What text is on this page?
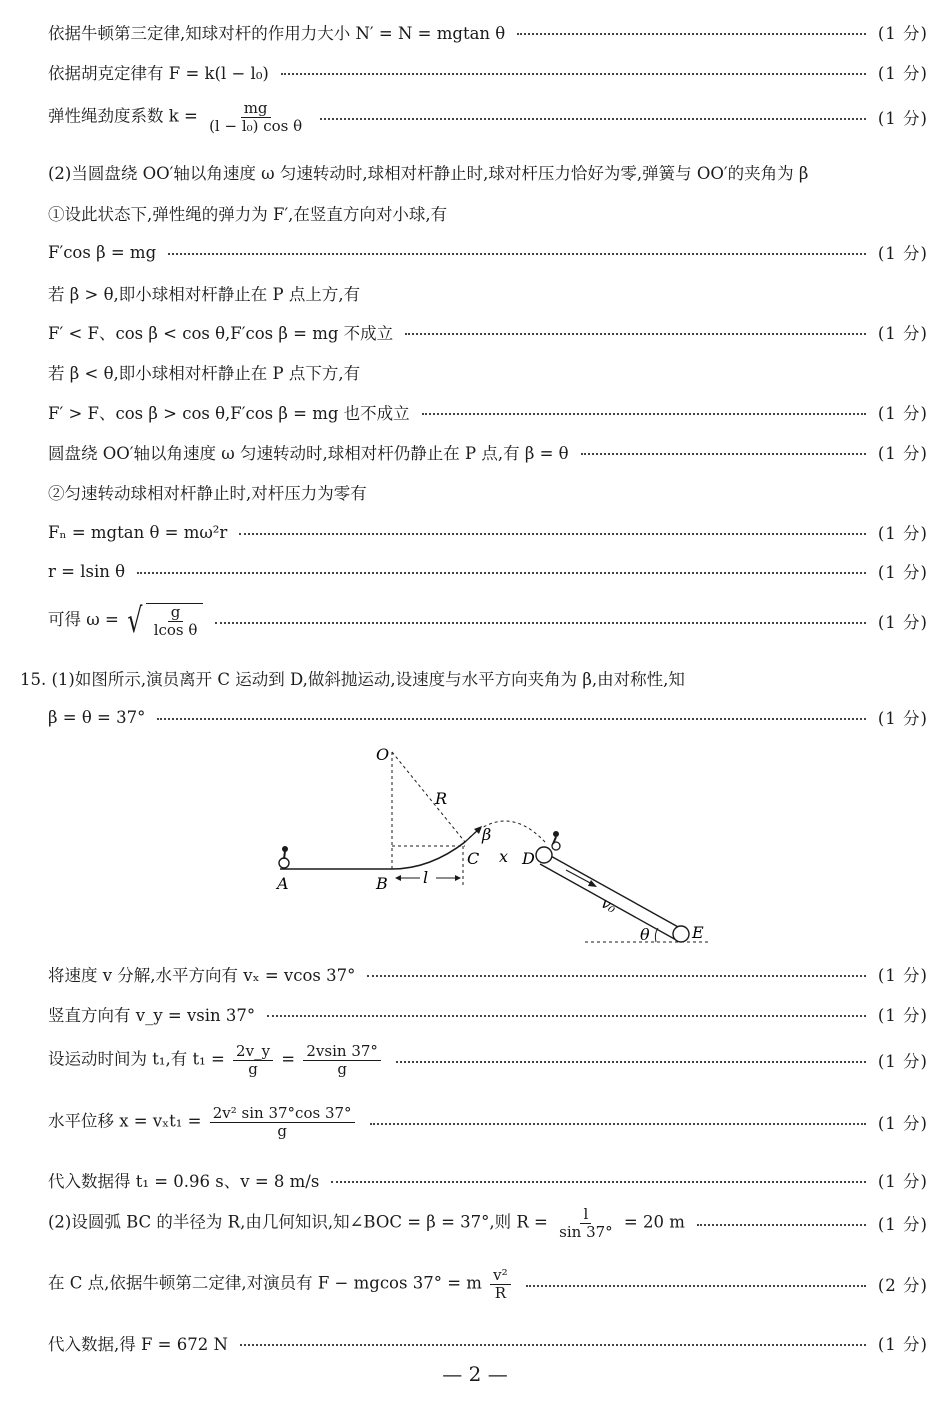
依据牛顿第三定律,知球对杆的作用力大小 N′ = N = mgtan θ	(1 分)
依据胡克定律有 F = k(l − l₀)	(1 分)
弹性绳劲度系数 $k = \frac{mg}{\text{(l − l₀) cos θ}}$	(1 分)
(2)当圆盘绕 OO′轴以角速度 ω 匀速转动时,球相对杆静止时,球对杆压力恰好为零,弹簧与 OO′的夹角为 β
①设此状态下,弹性绳的弹力为 F′,在竖直方向对小球,有
F′cos β = mg	(1 分)
若 β > θ,即小球相对杆静止在 P 点上方,有
F′ < F、cos β < cos θ,F′cos β = mg 不成立	(1 分)
若 β < θ,即小球相对杆静止在 P 点下方,有
F′ > F、cos β > cos θ,F′cos β = mg 也不成立	(1 分)
圆盘绕 OO′轴以角速度 ω 匀速转动时,球相对杆仍静止在 P 点,有 β = θ	(1 分)
②匀速转动球相对杆静止时,对杆压力为零有
Fₙ = mgtan θ = mω²r	(1 分)
r = lsin θ	(1 分)
可得 ω = √ $\frac{g}{\text{lcos θ}}$	(1 分)
15. (1)如图所示,演员离开 C 运动到 D,做斜抛运动,设速度与水平方向夹角为 β,由对称性,知
β = θ = 37°	(1 分)
O
R
β
A	B l
C x D
v₀
θ	E
将速度 v 分解,水平方向有 vₓ = vcos 37°	(1 分)
竖直方向有 v_y = vsin 37°	(1 分)
设运动时间为 t₁,有 $t_1 = \frac{2v\_y}{g} = \frac{2vsin 37^\circ}{g}$	(1 分)
水平位移 $x = v_xt_1 = \frac{\text{2v² sin 37°cos 37°}}{g}$	(1 分)
代入数据得 t₁ = 0.96 s、v = 8 m/s	(1 分)
(2)设圆弧 BC 的半径为 R,由几何知识,知∠BOC = β = 37°,则 $R = \frac{l}{\sin 37^\circ} = 20$ m	(1 分)
在 C 点,依据牛顿第二定律,对演员有 F − mgcos 37° = m $\frac{\text{v²}}{R}$	(2 分)
代入数据,得 F = 672 N	(1 分)
— 2 —
